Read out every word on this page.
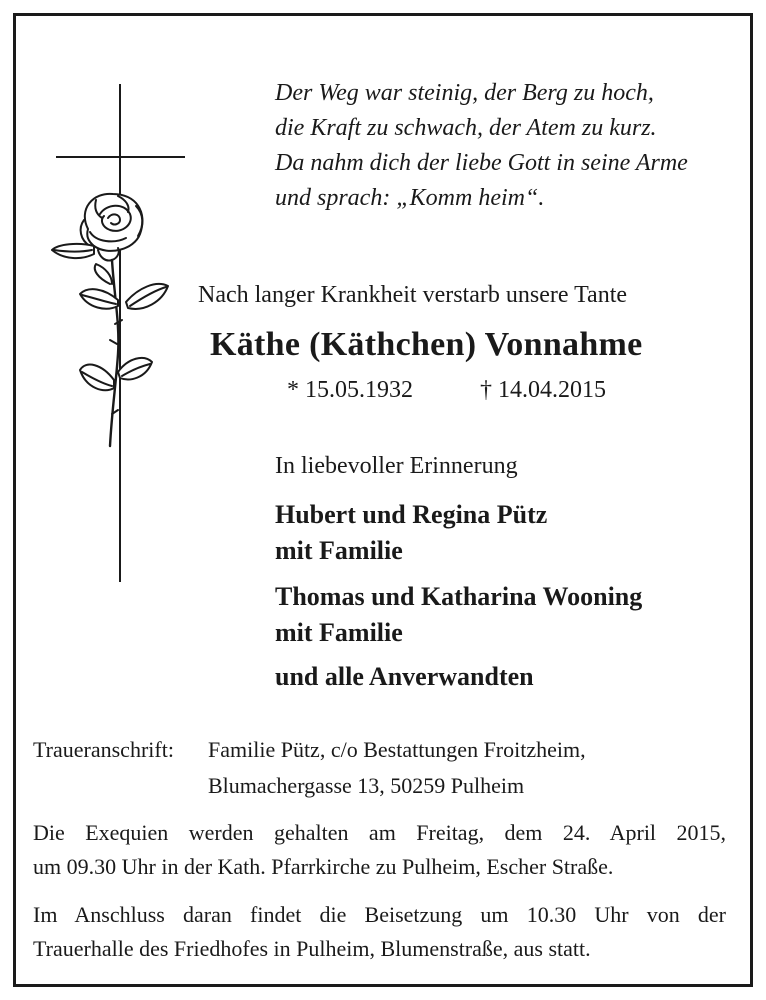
Der Weg war steinig, der Berg zu hoch,
die Kraft zu schwach, der Atem zu kurz.
Da nahm dich der liebe Gott in seine Arme
und sprach: „Komm heim“.
Nach langer Krankheit verstarb unsere Tante
Käthe (Käthchen) Vonnahme
* 15.05.1932	† 14.04.2015
In liebevoller Erinnerung
Hubert und Regina Pütz
mit Familie
Thomas und Katharina Wooning
mit Familie
und alle Anverwandten
Traueranschrift: Familie Pütz, c/o Bestattungen Froitzheim,
Blumachergasse 13, 50259 Pulheim
Die Exequien werden gehalten am Freitag, dem 24. April 2015,
um 09.30 Uhr in der Kath. Pfarrkirche zu Pulheim, Escher Straße.
Im Anschluss daran findet die Beisetzung um 10.30 Uhr von der
Trauerhalle des Friedhofes in Pulheim, Blumenstraße, aus statt.
